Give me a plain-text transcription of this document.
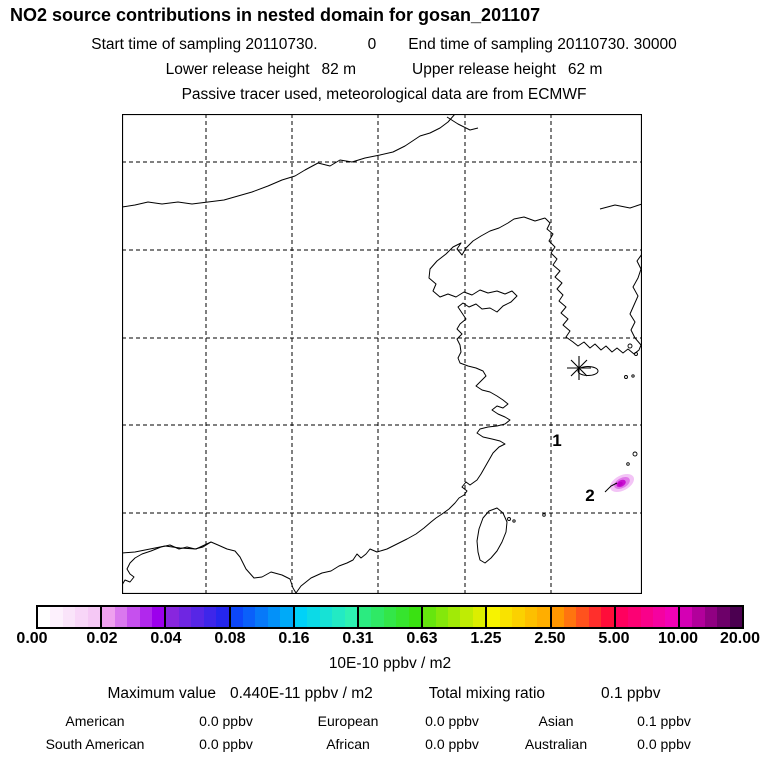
NO2 source contributions in nested domain for gosan_201107
Start time of sampling 20110730.	0 End time of sampling 20110730. 30000
Lower release height 82 m	Upper release height 62 m
Passive tracer used, meteorological data are from ECMWF
1
2
0.00 0.02 0.04 0.08 0.16 0.31 0.63 1.25 2.50 5.00 10.00 20.00
10E-10 ppbv / m2
Maximum value 0.440E-11 ppbv / m2	Total mixing ratio	0.1 ppbv
American	0.0 ppbv	European	0.0 ppbv	Asian	0.1 ppbv
South American	0.0 ppbv	African	0.0 ppbv	Australian	0.0 ppbv
